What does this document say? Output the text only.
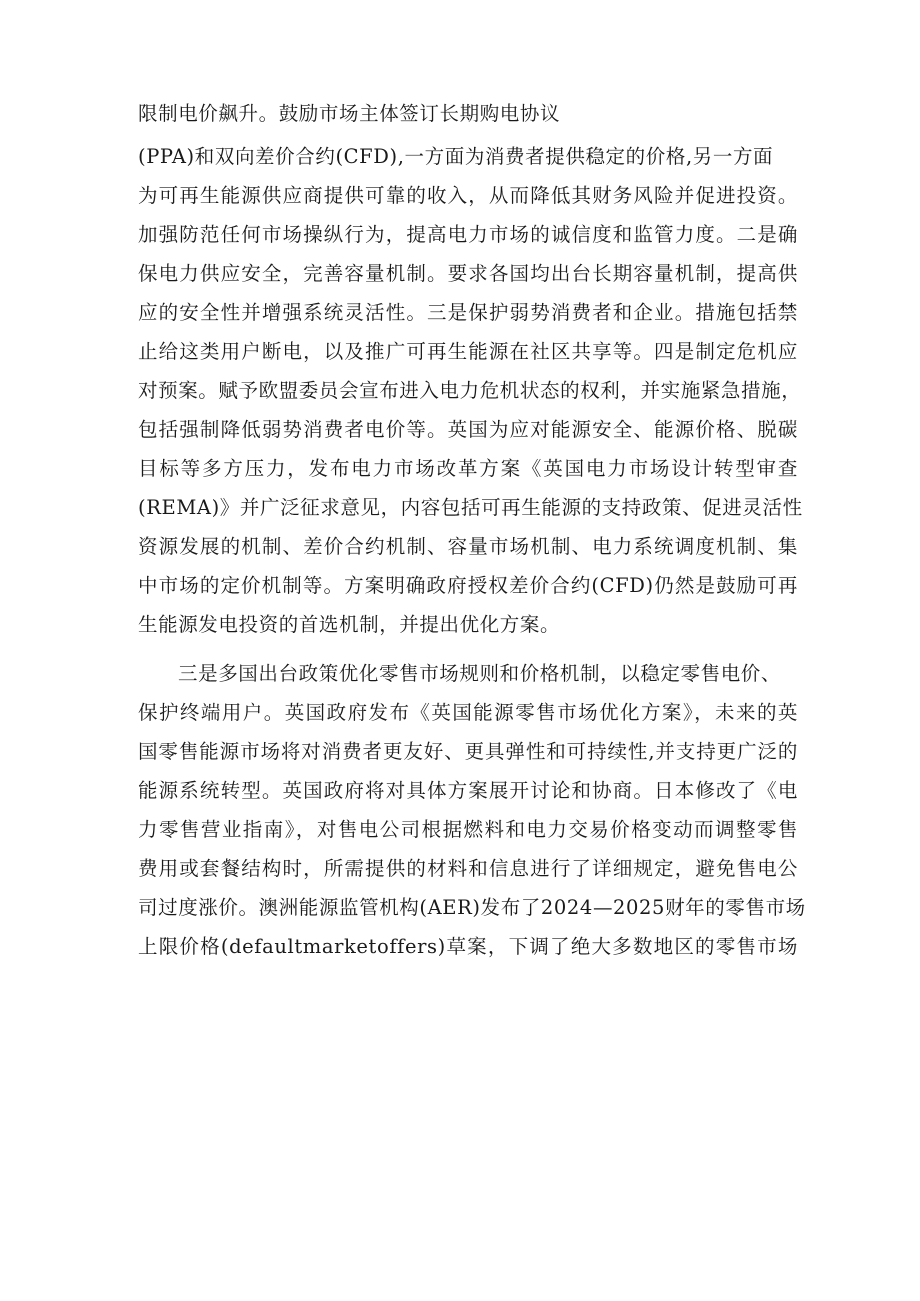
限制电价飙升。鼓励市场主体签订长期购电协议
(PPA)和双向差价合约(CFD),一方面为消费者提供稳定的价格,另一方面
为可再生能源供应商提供可靠的收入，从而降低其财务风险并促进投资。
加强防范任何市场操纵行为，提高电力市场的诚信度和监管力度。二是确
保电力供应安全，完善容量机制。要求各国均出台长期容量机制，提高供
应的安全性并增强系统灵活性。三是保护弱势消费者和企业。措施包括禁
止给这类用户断电，以及推广可再生能源在社区共享等。四是制定危机应
对预案。赋予欧盟委员会宣布进入电力危机状态的权利，并实施紧急措施，
包括强制降低弱势消费者电价等。英国为应对能源安全、能源价格、脱碳
目标等多方压力，发布电力市场改革方案《英国电力市场设计转型审查
(REMA)》并广泛征求意见，内容包括可再生能源的支持政策、促进灵活性
资源发展的机制、差价合约机制、容量市场机制、电力系统调度机制、集
中市场的定价机制等。方案明确政府授权差价合约(CFD)仍然是鼓励可再
生能源发电投资的首选机制，并提出优化方案。
三是多国出台政策优化零售市场规则和价格机制，以稳定零售电价、
保护终端用户。英国政府发布《英国能源零售市场优化方案》，未来的英
国零售能源市场将对消费者更友好、更具弹性和可持续性,并支持更广泛的
能源系统转型。英国政府将对具体方案展开讨论和协商。日本修改了《电
力零售营业指南》，对售电公司根据燃料和电力交易价格变动而调整零售
费用或套餐结构时，所需提供的材料和信息进行了详细规定，避免售电公
司过度涨价。澳洲能源监管机构(AER)发布了2024—2025财年的零售市场
上限价格(defaultmarketoffers)草案，下调了绝大多数地区的零售市场
